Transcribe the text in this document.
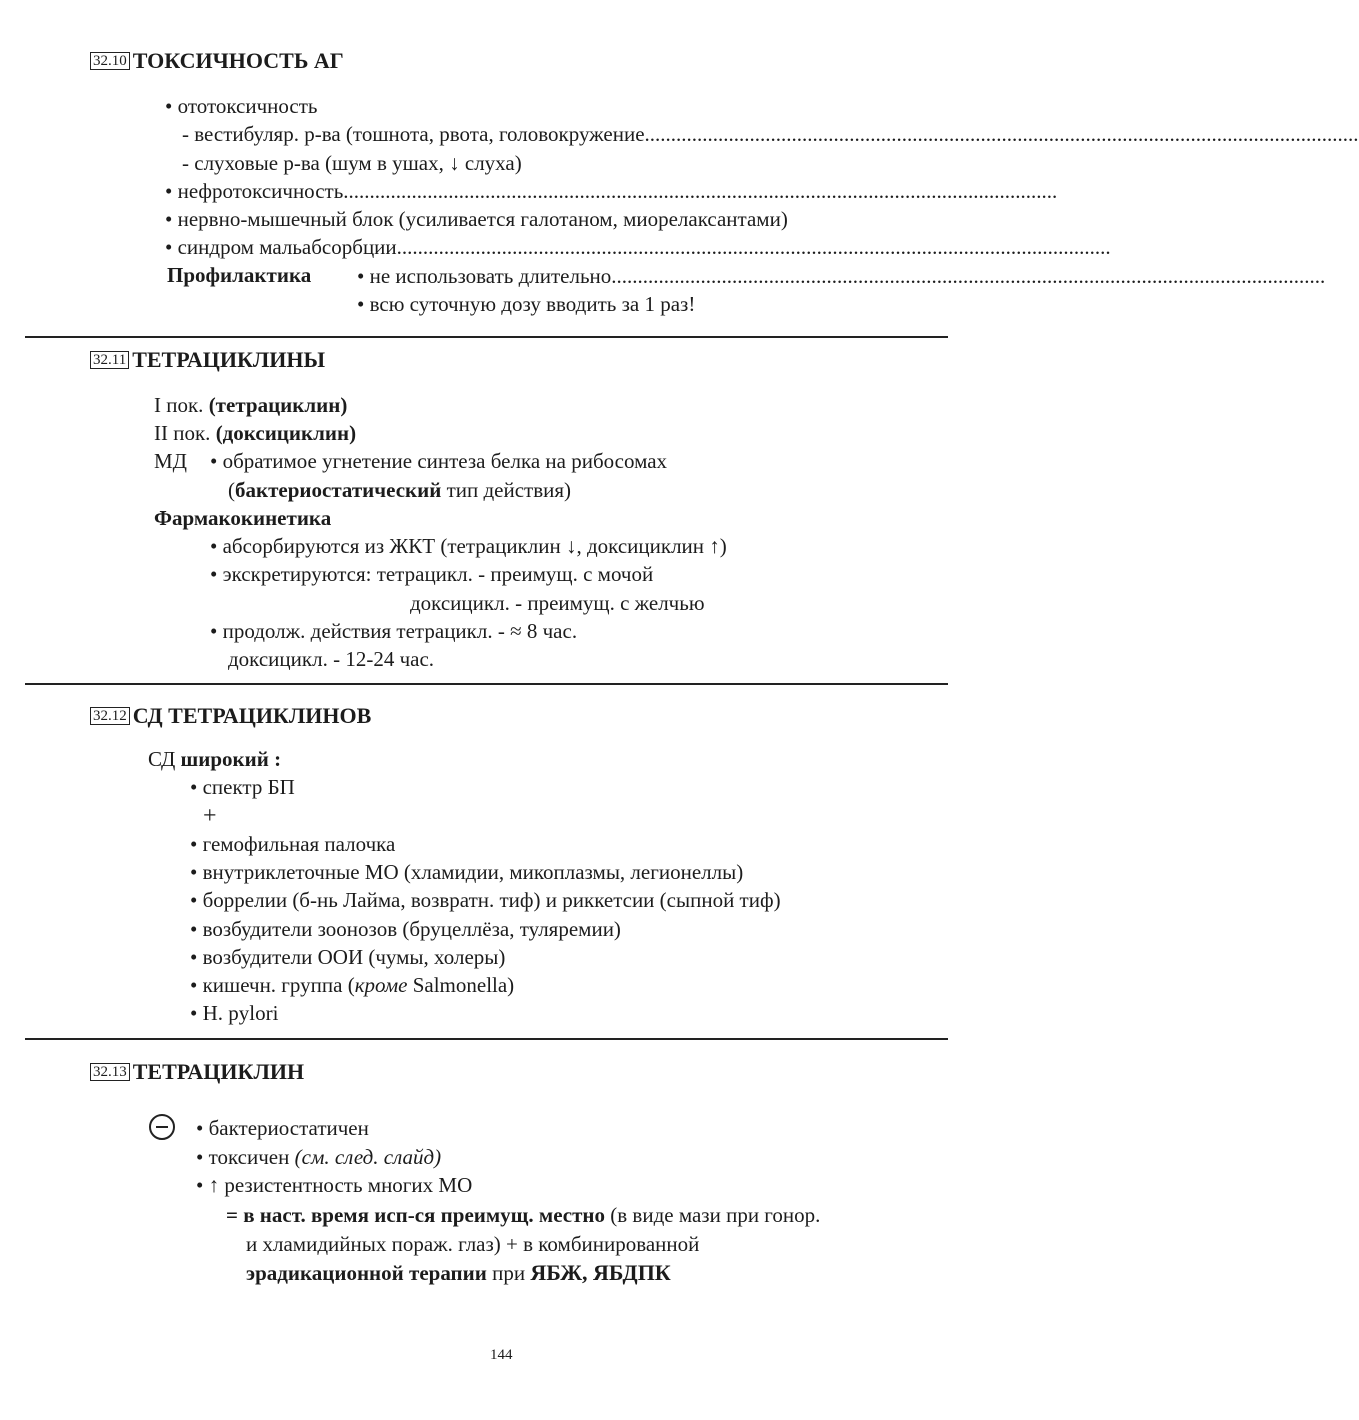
32.10 ТОКСИЧНОСТЬ АГ
• ототоксичность
- вестибуляр. р-ва (тошнота, рвота, головокружение........................................................................................................................................
- слуховые р-ва (шум в ушах, ↓ слуха)
• нефротоксичность........................................................................................................................................
• нервно-мышечный блок (усиливается галотаном, миорелаксантами)
• синдром мальабсорбции........................................................................................................................................
Профилактика • не использовать длительно........................................................................................................................................
• всю суточную дозу вводить за 1 раз!
32.11 ТЕТРАЦИКЛИНЫ
I пок. (тетрациклин)
II пок. (доксициклин)
МД • обратимое угнетение синтеза белка на рибосомах
(бактериостатический тип действия)
Фармакокинетика
• абсорбируются из ЖКТ (тетрациклин ↓, доксициклин ↑)
• экскретируются: тетрацикл. - преимущ. с мочой
доксицикл. - преимущ. с желчью
• продолж. действия тетрацикл. - ≈ 8 час.
доксицикл. - 12-24 час.
32.12 СД ТЕТРАЦИКЛИНОВ
СД широкий :
• спектр БП
+
• гемофильная палочка
• внутриклеточные МО (хламидии, микоплазмы, легионеллы)
• боррелии (б-нь Лайма, возвратн. тиф) и риккетсии (сыпной тиф)
• возбудители зоонозов (бруцеллёза, туляремии)
• возбудители ООИ (чумы, холеры)
• кишечн. группа (кроме Salmonella)
• H. pylori
32.13 ТЕТРАЦИКЛИН
• бактериостатичен
• токсичен (см. след. слайд)
• ↑ резистентность многих МО
= в наст. время исп-ся преимущ. местно (в виде мази при гонор.
и хламидийных пораж. глаз) + в комбинированной
эрадикационной терапии при ЯБЖ, ЯБДПК
144
